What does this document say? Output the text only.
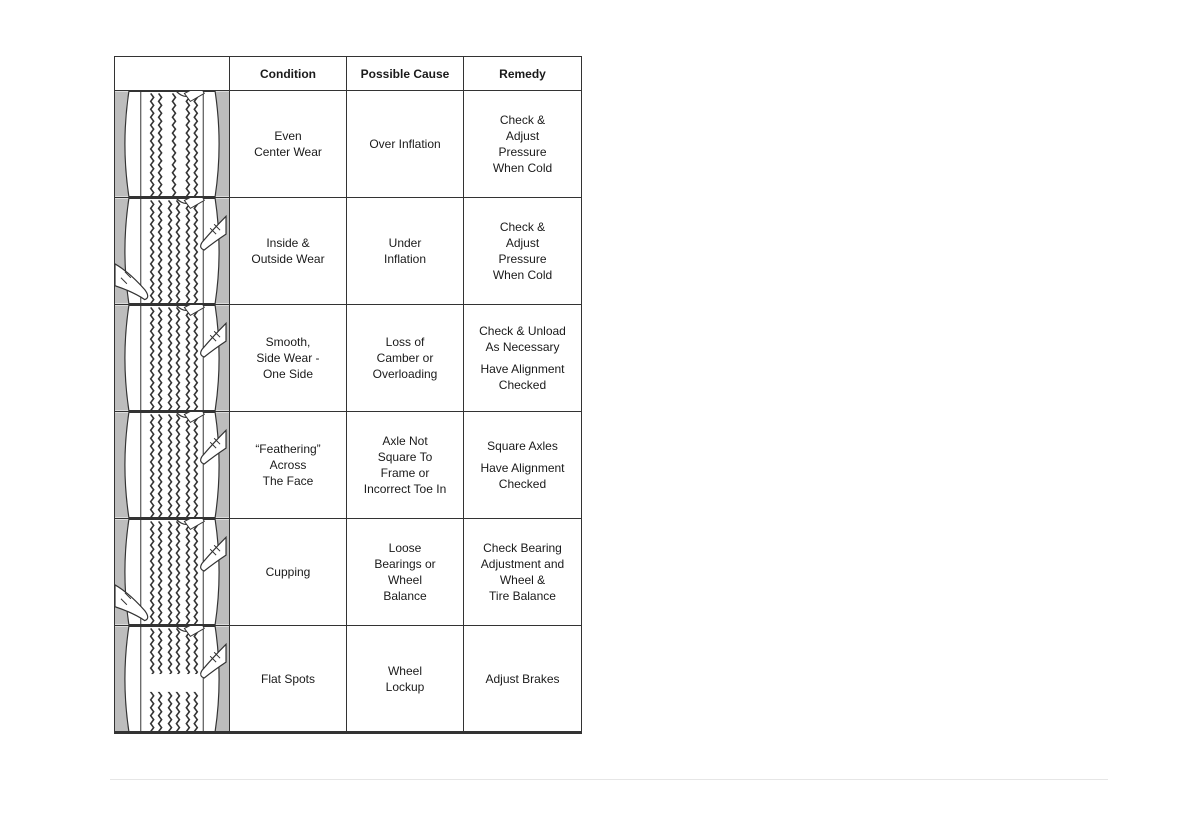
Condition	Possible Cause	Remedy
Even
Center Wear
Over Inflation
Check &
Adjust
Pressure
When Cold
Inside &
Outside Wear
Under
Inflation
Check &
Adjust
Pressure
When Cold
Smooth,
Side Wear -
One Side
Loss of
Camber or
Overloading
Check & Unload
As Necessary
Have Alignment
Checked
“Feathering”
Across
The Face
Axle Not
Square To
Frame or
Incorrect Toe In
Square Axles
Have Alignment
Checked
Cupping
Loose
Bearings or
Wheel
Balance
Check Bearing
Adjustment and
Wheel &
Tire Balance
Flat Spots
Wheel
Lockup
Adjust Brakes
